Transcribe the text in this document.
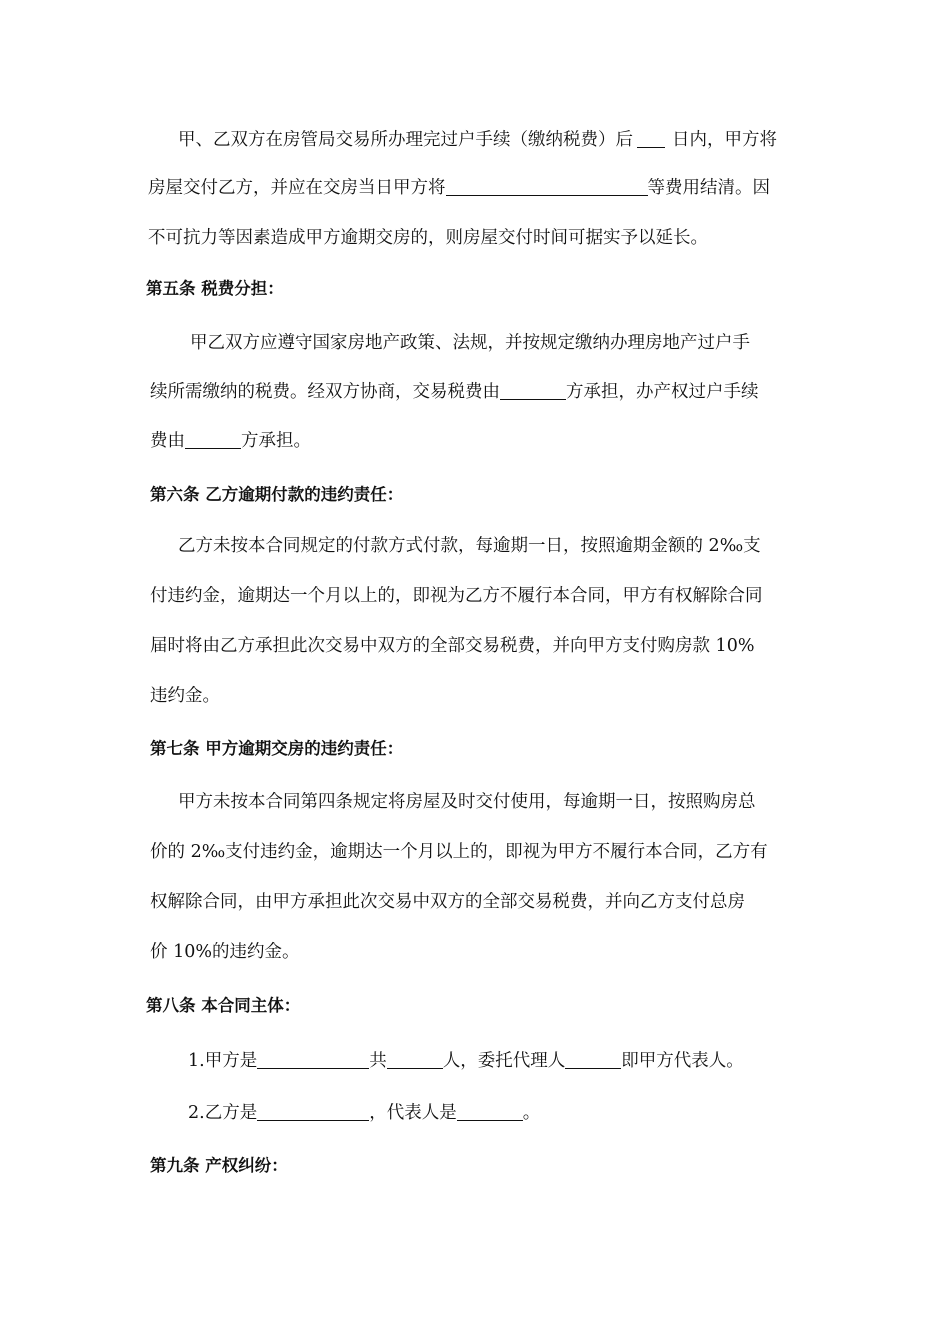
甲、乙双方在房管局交易所办理完过户手续（缴纳税费）后 日内，甲方将
房屋交付乙方，并应在交房当日甲方将	等费用结清。因
不可抗力等因素造成甲方逾期交房的，则房屋交付时间可据实予以延长。
第五条 税费分担：
甲乙双方应遵守国家房地产政策、法规，并按规定缴纳办理房地产过户手
续所需缴纳的税费。经双方协商，交易税费由	方承担，办产权过户手续
费由	方承担。
第六条 乙方逾期付款的违约责任：
乙方未按本合同规定的付款方式付款，每逾期一日，按照逾期金额的 2‰支
付违约金，逾期达一个月以上的，即视为乙方不履行本合同，甲方有权解除合同
届时将由乙方承担此次交易中双方的全部交易税费，并向甲方支付购房款 10%
违约金。
第七条 甲方逾期交房的违约责任：
甲方未按本合同第四条规定将房屋及时交付使用，每逾期一日，按照购房总
价的 2‰支付违约金，逾期达一个月以上的，即视为甲方不履行本合同，乙方有
权解除合同，由甲方承担此次交易中双方的全部交易税费，并向乙方支付总房
价 10%的违约金。
第八条 本合同主体：
1.甲方是	共	人，委托代理人	即甲方代表人。
2.乙方是	，代表人是	。
第九条 产权纠纷：
